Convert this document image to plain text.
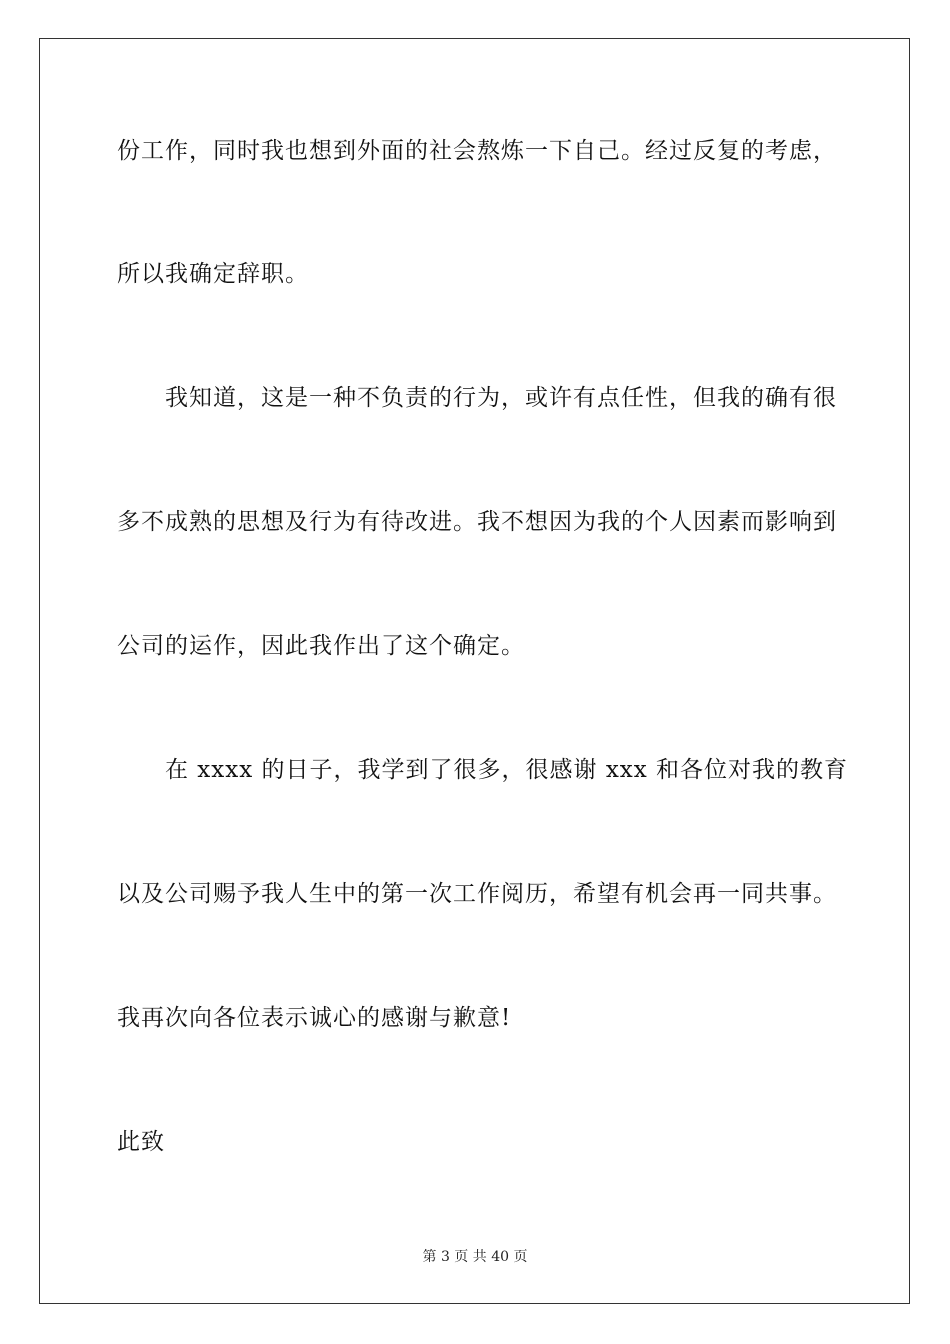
份工作，同时我也想到外面的社会熬炼一下自己。经过反复的考虑，
所以我确定辞职。
我知道，这是一种不负责的行为，或许有点任性，但我的确有很
多不成熟的思想及行为有待改进。我不想因为我的个人因素而影响到
公司的运作，因此我作出了这个确定。
在 xxxx 的日子，我学到了很多，很感谢 xxx 和各位对我的教育
以及公司赐予我人生中的第一次工作阅历，希望有机会再一同共事。
我再次向各位表示诚心的感谢与歉意!
此致
第 3 页 共 40 页
